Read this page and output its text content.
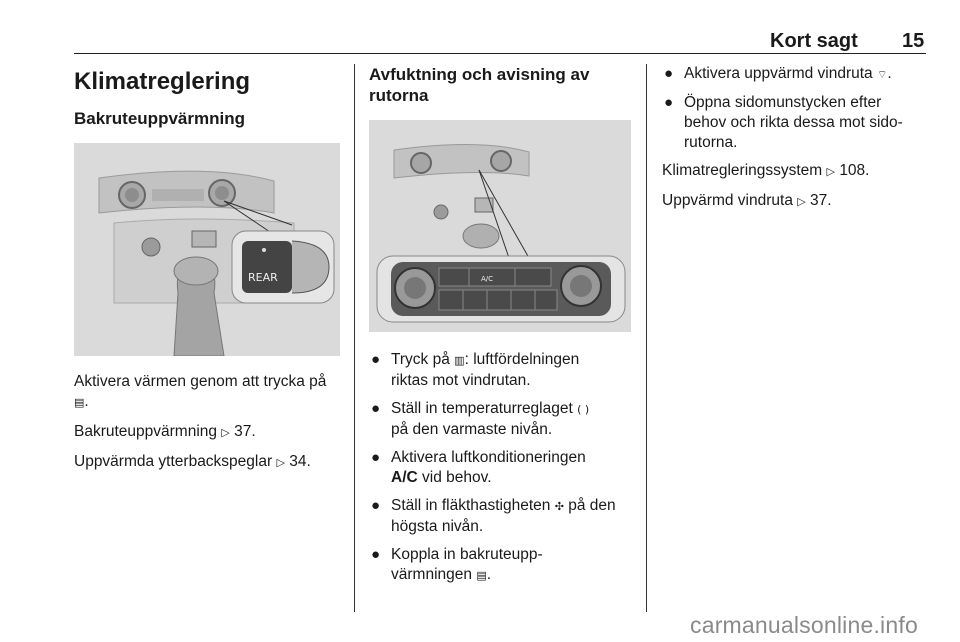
Kort sagt 15
Klimatreglering
Bakruteuppvärmning
REAR

Aktivera värmen genom att trycka på ▤.

Bakruteuppvärmning ▷ 37.

Uppvärmda ytterbackspeglar ▷ 34.

Avfuktning och avisning av
rutorna
A/C
● Tryck på ▥: luftfördelningen
riktas mot vindrutan.
● Ställ in temperaturreglaget ( )
på den varmaste nivån.
● Aktivera luftkonditioneringen
A/C vid behov.
● Ställ in fläkthastigheten ✣ på den
högsta nivån.
● Koppla in bakruteupp-
värmningen ▤.
● Aktivera uppvärmd vindruta ⌔.
● Öppna sidomunstycken efter
behov och rikta dessa mot sido-
rutorna.

Klimatregleringssystem ▷ 108.

Uppvärmd vindruta ▷ 37.

carmanualsonline.info
